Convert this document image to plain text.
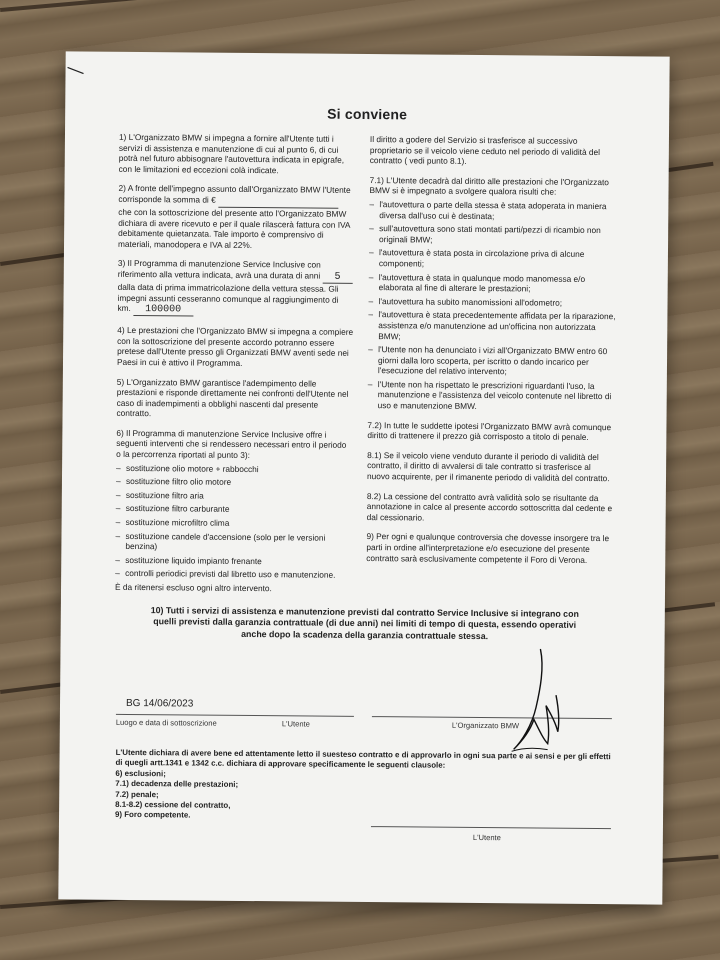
Si conviene

1) L'Organizzato BMW si impegna a fornire all'Utente tutti i servizi di assistenza e manutenzione di cui al punto 6, di cui potrà nel futuro abbisognare l'autovettura indicata in epigrafe, con le limitazioni ed eccezioni colà indicate.

2) A fronte dell'impegno assunto dall'Organizzato BMW l'Utente corrisponde la somma di €
che con la sottoscrizione del presente atto l'Organizzato BMW dichiara di avere ricevuto e per il quale rilascerà fattura con IVA debitamente quietanzata. Tale importo è comprensivo di materiali, manodopera e IVA al 22%.

3) Il Programma di manutenzione Service Inclusive con riferimento alla vettura indicata, avrà una durata di anni 5 dalla data di prima immatricolazione della vettura stessa. Gli impegni assunti cesseranno comunque al raggiungimento di km. 100000

4) Le prestazioni che l'Organizzato BMW si impegna a compiere con la sottoscrizione del presente accordo potranno essere pretese dall'Utente presso gli Organizzati BMW aventi sede nei Paesi in cui è attivo il Programma.

5) L'Organizzato BMW garantisce l'adempimento delle prestazioni e risponde direttamente nei confronti dell'Utente nel caso di inadempimenti a obblighi nascenti dal presente contratto.

6) Il Programma di manutenzione Service Inclusive offre i seguenti interventi che si rendessero necessari entro il periodo o la percorrenza riportati al punto 3):

– sostituzione olio motore + rabbocchi
– sostituzione filtro olio motore
– sostituzione filtro aria
– sostituzione filtro carburante
– sostituzione microfiltro clima
– sostituzione candele d'accensione (solo per le versioni benzina)
– sostituzione liquido impianto frenante
– controlli periodici previsti dal libretto uso e manutenzione.

È da ritenersi escluso ogni altro intervento.

Il diritto a godere del Servizio si trasferisce al successivo proprietario se il veicolo viene ceduto nel periodo di validità del contratto ( vedi punto 8.1).

7.1) L'Utente decadrà dal diritto alle prestazioni che l'Organizzato BMW si è impegnato a svolgere qualora risulti che:

– l'autovettura o parte della stessa è stata adoperata in maniera diversa dall'uso cui è destinata;
– sull'autovettura sono stati montati parti/pezzi di ricambio non originali BMW;
– l'autovettura è stata posta in circolazione priva di alcune componenti;
– l'autovettura è stata in qualunque modo manomessa e/o elaborata al fine di alterare le prestazioni;
– l'autovettura ha subito manomissioni all'odometro;
– l'autovettura è stata precedentemente affidata per la riparazione, assistenza e/o manutenzione ad un'officina non autorizzata BMW;
– l'Utente non ha denunciato i vizi all'Organizzato BMW entro 60 giorni dalla loro scoperta, per iscritto o dando incarico per l'esecuzione del relativo intervento;
– l'Utente non ha rispettato le prescrizioni riguardanti l'uso, la manutenzione e l'assistenza del veicolo contenute nel libretto di uso e manutenzione BMW.

7.2) In tutte le suddette ipotesi l'Organizzato BMW avrà comunque diritto di trattenere il prezzo già corrisposto a titolo di penale.

8.1) Se il veicolo viene venduto durante il periodo di validità del contratto, il diritto di avvalersi di tale contratto si trasferisce al nuovo acquirente, per il rimanente periodo di validità del contratto.

8.2) La cessione del contratto avrà validità solo se risultante da annotazione in calce al presente accordo sottoscritta dal cedente e dal cessionario.

9) Per ogni e qualunque controversia che dovesse insorgere tra le parti in ordine all'interpretazione e/o esecuzione del presente contratto sarà esclusivamente competente il Foro di Verona.

10) Tutti i servizi di assistenza e manutenzione previsti dal contratto Service Inclusive si integrano con quelli previsti dalla garanzia contrattuale (di due anni) nei limiti di tempo di questa, essendo operativi anche dopo la scadenza della garanzia contrattuale stessa.
BG 14/06/2023
Luogo e data di sottoscrizione	L'Utente	L'Organizzato BMW
L'Utente dichiara di avere bene ed attentamente letto il suesteso contratto e di approvarlo in ogni sua parte e ai sensi e per gli effetti di quegli artt.1341 e 1342 c.c. dichiara di approvare specificamente le seguenti clausole:
6) esclusioni;
7.1) decadenza delle prestazioni;
7.2) penale;
8.1-8.2) cessione del contratto,
9) Foro competente.
L'Utente
